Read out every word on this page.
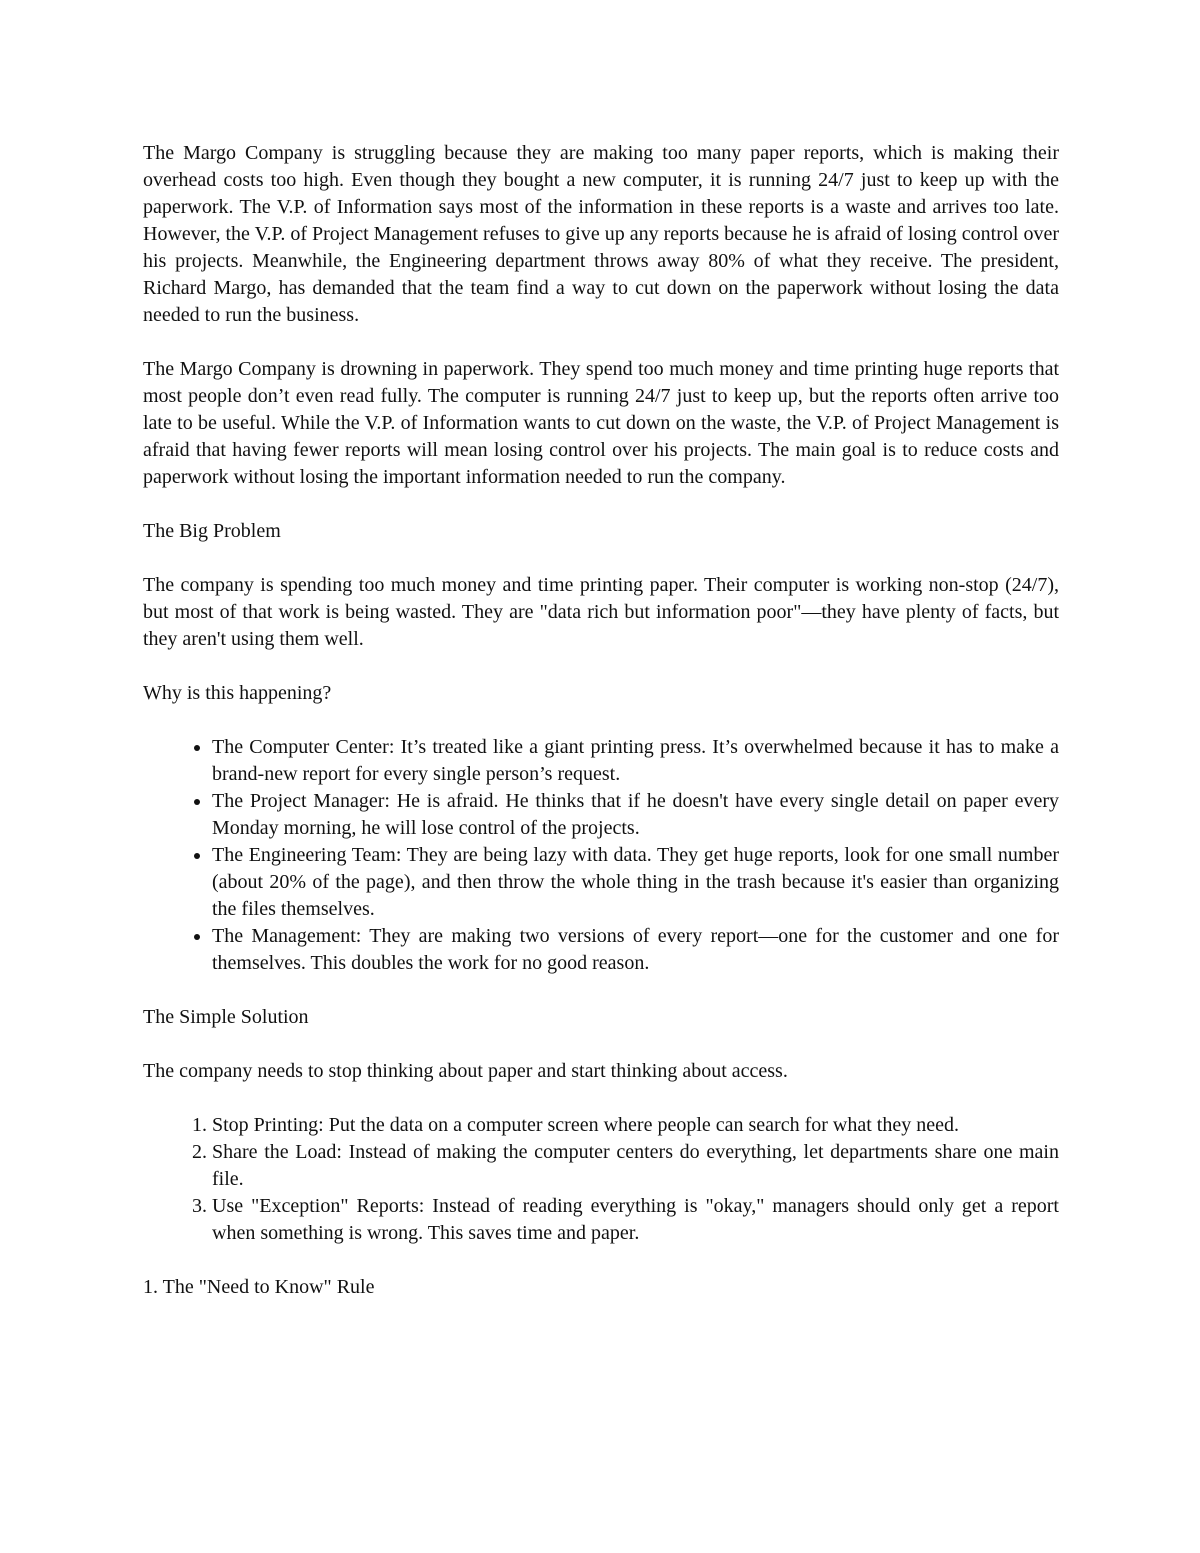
The Margo Company is struggling because they are making too many paper reports, which is making their overhead costs too high. Even though they bought a new computer, it is running 24/7 just to keep up with the paperwork. The V.P. of Information says most of the information in these reports is a waste and arrives too late. However, the V.P. of Project Management refuses to give up any reports because he is afraid of losing control over his projects. Meanwhile, the Engineering department throws away 80% of what they receive. The president, Richard Margo, has demanded that the team find a way to cut down on the paperwork without losing the data needed to run the business.

The Margo Company is drowning in paperwork. They spend too much money and time printing huge reports that most people don’t even read fully. The computer is running 24/7 just to keep up, but the reports often arrive too late to be useful. While the V.P. of Information wants to cut down on the waste, the V.P. of Project Management is afraid that having fewer reports will mean losing control over his projects. The main goal is to reduce costs and paperwork without losing the important information needed to run the company.

The Big Problem

The company is spending too much money and time printing paper. Their computer is working non-stop (24/7), but most of that work is being wasted. They are "data rich but information poor"—they have plenty of facts, but they aren't using them well.

Why is this happening?

• The Computer Center: It’s treated like a giant printing press. It’s overwhelmed because it has to make a brand-new report for every single person’s request.
• The Project Manager: He is afraid. He thinks that if he doesn't have every single detail on paper every Monday morning, he will lose control of the projects.
• The Engineering Team: They are being lazy with data. They get huge reports, look for one small number (about 20% of the page), and then throw the whole thing in the trash because it's easier than organizing the files themselves.
• The Management: They are making two versions of every report—one for the customer and one for themselves. This doubles the work for no good reason.

The Simple Solution

The company needs to stop thinking about paper and start thinking about access.

1. Stop Printing: Put the data on a computer screen where people can search for what they need.
2. Share the Load: Instead of making the computer centers do everything, let departments share one main file.
3. Use "Exception" Reports: Instead of reading everything is "okay," managers should only get a report when something is wrong. This saves time and paper.

1. The "Need to Know" Rule
